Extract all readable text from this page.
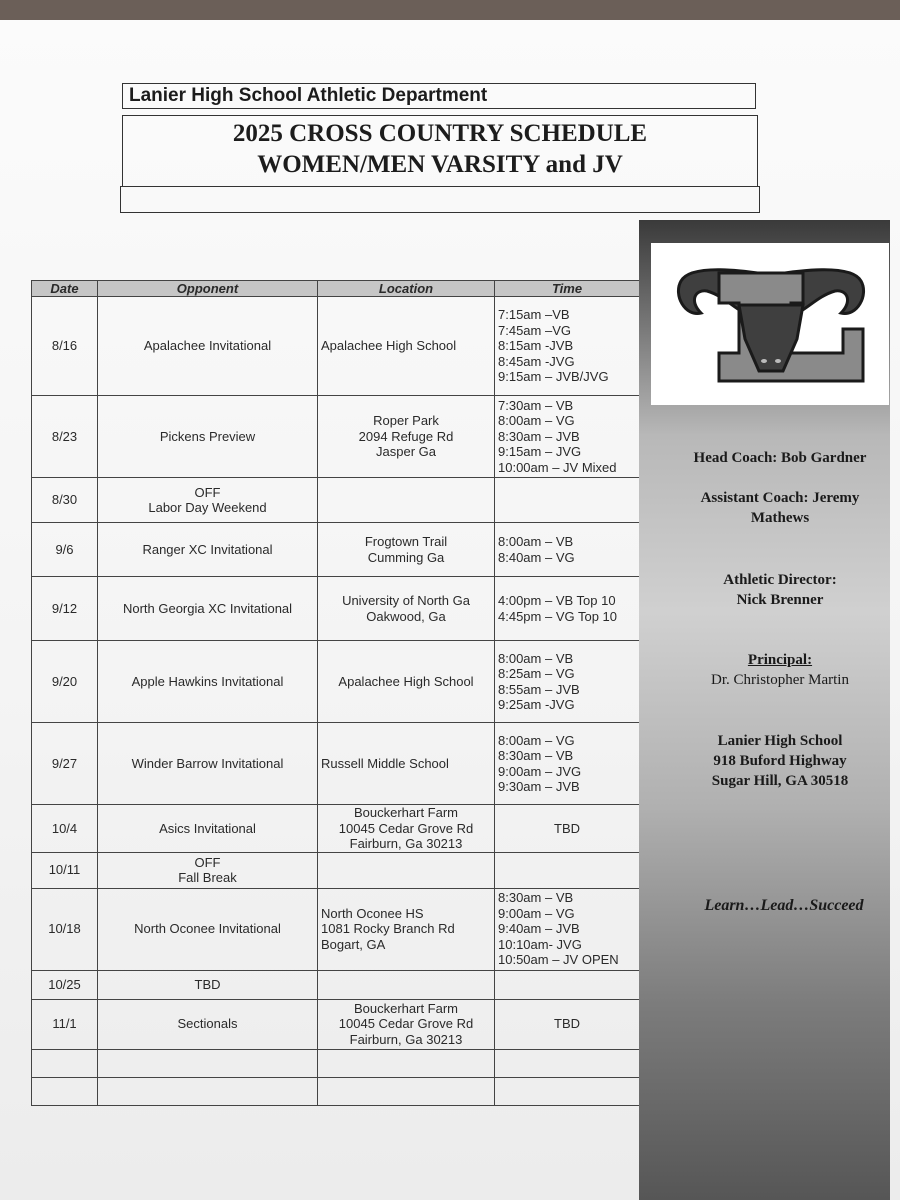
Lanier High School Athletic Department
2025 CROSS COUNTRY SCHEDULE
WOMEN/MEN VARSITY and JV
Date	Opponent	Location	Time
8/16	Apalachee Invitational	Apalachee High School	7:15am –VB
7:45am –VG
8:15am -JVB
8:45am -JVG
9:15am – JVB/JVG

8/23	Pickens Preview	Roper Park
2094 Refuge Rd
Jasper Ga	7:30am – VB
8:00am – VG
8:30am – JVB
9:15am – JVG
10:00am – JV Mixed

8/30	OFF
Labor Day Weekend		

9/6	Ranger XC Invitational	Frogtown Trail
Cumming Ga	8:00am – VB
8:40am – VG

9/12	North Georgia XC Invitational	University of North Ga
Oakwood, Ga	4:00pm – VB Top 10
4:45pm – VG Top 10

9/20	Apple Hawkins Invitational	Apalachee High School	8:00am – VB
8:25am – VG
8:55am – JVB
9:25am -JVG

9/27	Winder Barrow Invitational	Russell Middle School	8:00am – VG
8:30am – VB
9:00am – JVG
9:30am – JVB

10/4	Asics Invitational	Bouckerhart Farm
10045 Cedar Grove Rd
Fairburn, Ga 30213	TBD

10/11	OFF
Fall Break		

10/18	North Oconee Invitational	North Oconee HS
1081 Rocky Branch Rd
Bogart, GA	8:30am – VB
9:00am – VG
9:40am – JVB
10:10am- JVG
10:50am – JV OPEN

10/25	TBD		

11/1	Sectionals	Bouckerhart Farm
10045 Cedar Grove Rd
Fairburn, Ga 30213	TBD

Head Coach: Bob Gardner
Assistant Coach: Jeremy
Mathews
Athletic Director:
Nick Brenner
Principal:
Dr. Christopher Martin
Lanier High School
918 Buford Highway
Sugar Hill, GA 30518
Learn…Lead…Succeed
